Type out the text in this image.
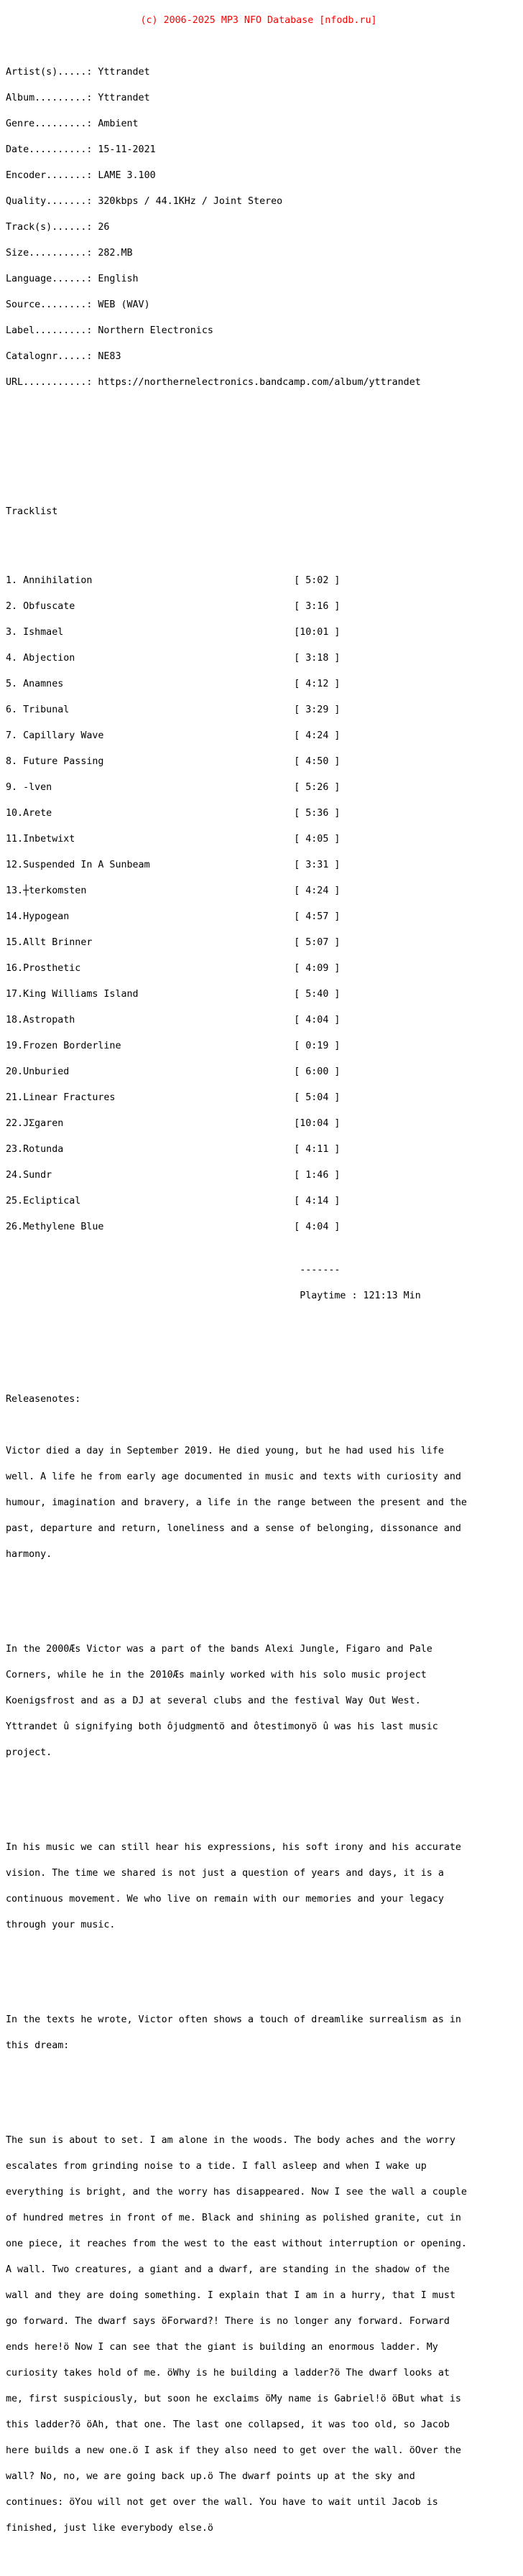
(c) 2006-2025 MP3 NFO Database [nfodb.ru]

Artist(s).....: Yttrandet

Album.........: Yttrandet

Genre.........: Ambient

Date..........: 15-11-2021

Encoder.......: LAME 3.100

Quality.......: 320kbps / 44.1KHz / Joint Stereo

Track(s)......: 26

Size..........: 282.MB

Language......: English

Source........: WEB (WAV)

Label.........: Northern Electronics

Catalognr.....: NE83

URL...........: https://northernelectronics.bandcamp.com/album/yttrandet

Tracklist

1. Annihilation                                   [ 5:02 ]

2. Obfuscate                                      [ 3:16 ]

3. Ishmael                                        [10:01 ]

4. Abjection                                      [ 3:18 ]

5. Anamnes                                        [ 4:12 ]

6. Tribunal                                       [ 3:29 ]

7. Capillary Wave                                 [ 4:24 ]

8. Future Passing                                 [ 4:50 ]

9. -lven                                          [ 5:26 ]

10.Arete                                          [ 5:36 ]

11.Inbetwixt                                      [ 4:05 ]

12.Suspended In A Sunbeam                         [ 3:31 ]

13.┼terkomsten                                    [ 4:24 ]

14.Hypogean                                       [ 4:57 ]

15.Allt Brinner                                   [ 5:07 ]

16.Prosthetic                                     [ 4:09 ]

17.King Williams Island                           [ 5:40 ]

18.Astropath                                      [ 4:04 ]

19.Frozen Borderline                              [ 0:19 ]

20.Unburied                                       [ 6:00 ]

21.Linear Fractures                               [ 5:04 ]

22.JΣgaren                                        [10:04 ]

23.Rotunda                                        [ 4:11 ]

24.Sundr                                          [ 1:46 ]

25.Ecliptical                                     [ 4:14 ]

26.Methylene Blue                                 [ 4:04 ]

-------

Playtime : 121:13 Min

Releasenotes:

Victor died a day in September 2019. He died young, but he had used his life

well. A life he from early age documented in music and texts with curiosity and

humour, imagination and bravery, a life in the range between the present and the

past, departure and return, loneliness and a sense of belonging, dissonance and

harmony.

In the 2000Æs Victor was a part of the bands Alexi Jungle, Figaro and Pale

Corners, while he in the 2010Æs mainly worked with his solo music project

Koenigsfrost and as a DJ at several clubs and the festival Way Out West.

Yttrandet û signifying both ôjudgmentö and ôtestimonyö û was his last music

project.

In his music we can still hear his expressions, his soft irony and his accurate

vision. The time we shared is not just a question of years and days, it is a

continuous movement. We who live on remain with our memories and your legacy

through your music.

In the texts he wrote, Victor often shows a touch of dreamlike surrealism as in

this dream:

The sun is about to set. I am alone in the woods. The body aches and the worry

escalates from grinding noise to a tide. I fall asleep and when I wake up

everything is bright, and the worry has disappeared. Now I see the wall a couple

of hundred metres in front of me. Black and shining as polished granite, cut in

one piece, it reaches from the west to the east without interruption or opening.

A wall. Two creatures, a giant and a dwarf, are standing in the shadow of the

wall and they are doing something. I explain that I am in a hurry, that I must

go forward. The dwarf says öForward?! There is no longer any forward. Forward

ends here!ö Now I can see that the giant is building an enormous ladder. My

curiosity takes hold of me. öWhy is he building a ladder?ö The dwarf looks at

me, first suspiciously, but soon he exclaims öMy name is Gabriel!ö öBut what is

this ladder?ö öAh, that one. The last one collapsed, it was too old, so Jacob

here builds a new one.ö I ask if they also need to get over the wall. öOver the

wall? No, no, we are going back up.ö The dwarf points up at the sky and

continues: öYou will not get over the wall. You have to wait until Jacob is

finished, just like everybody else.ö
